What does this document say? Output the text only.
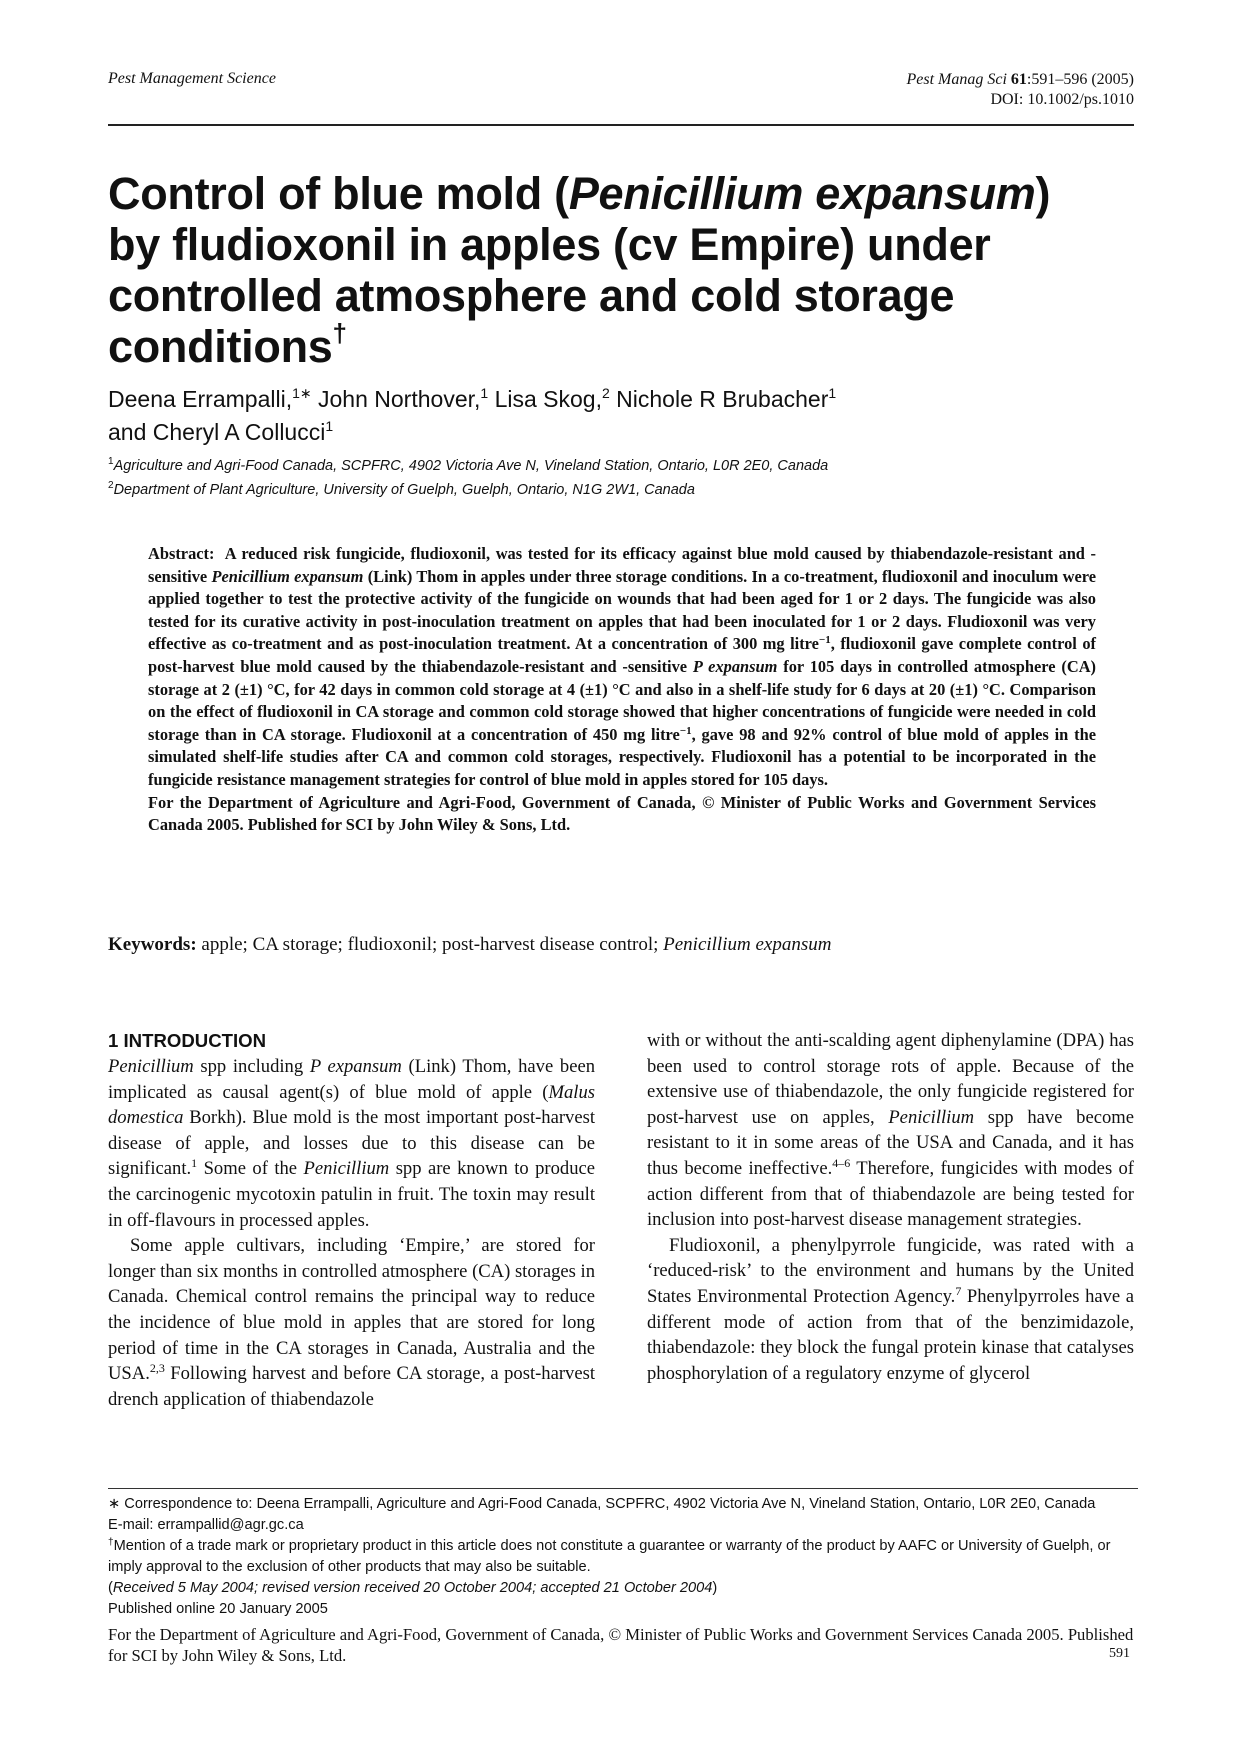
Pest Management Science	Pest Manag Sci 61:591–596 (2005)
DOI: 10.1002/ps.1010
Control of blue mold (Penicillium expansum) by fludioxonil in apples (cv Empire) under controlled atmosphere and cold storage conditions†
Deena Errampalli,$^{1∗}$ John Northover,$^1$ Lisa Skog,$^2$ Nichole R Brubacher$^1$
and Cheryl A Collucci$^1$
$^1$Agriculture and Agri-Food Canada, SCPFRC, 4902 Victoria Ave N, Vineland Station, Ontario, L0R 2E0, Canada
$^2$Department of Plant Agriculture, University of Guelph, Guelph, Ontario, N1G 2W1, Canada

Abstract: A reduced risk fungicide, fludioxonil, was tested for its efficacy against blue mold caused by thiabendazole-resistant and -sensitive Penicillium expansum (Link) Thom in apples under three storage conditions. In a co-treatment, fludioxonil and inoculum were applied together to test the protective activity of the fungicide on wounds that had been aged for 1 or 2 days. The fungicide was also tested for its curative activity in post-inoculation treatment on apples that had been inoculated for 1 or 2 days. Fludioxonil was very effective as co-treatment and as post-inoculation treatment. At a concentration of 300 mg litre$^{-1}$, fludioxonil gave complete control of post-harvest blue mold caused by the thiabendazole-resistant and -sensitive P expansum for 105 days in controlled atmosphere (CA) storage at 2 (±1) °C, for 42 days in common cold storage at 4 (±1) °C and also in a shelf-life study for 6 days at 20 (±1) °C. Comparison on the effect of fludioxonil in CA storage and common cold storage showed that higher concentrations of fungicide were needed in cold storage than in CA storage. Fludioxonil at a concentration of 450 mg litre$^{-1}$, gave 98 and 92% control of blue mold of apples in the simulated shelf-life studies after CA and common cold storages, respectively. Fludioxonil has a potential to be incorporated in the fungicide resistance management strategies for control of blue mold in apples stored for 105 days.

For the Department of Agriculture and Agri-Food, Government of Canada, © Minister of Public Works and Government Services Canada 2005. Published for SCI by John Wiley & Sons, Ltd.

Keywords: apple; CA storage; fludioxonil; post-harvest disease control; Penicillium expansum
1 INTRODUCTION

Penicillium spp including P expansum (Link) Thom, have been implicated as causal agent(s) of blue mold of apple (Malus domestica Borkh). Blue mold is the most important post-harvest disease of apple, and losses due to this disease can be significant.$^1$ Some of the Penicillium spp are known to produce the carcinogenic mycotoxin patulin in fruit. The toxin may result in off-flavours in processed apples.

Some apple cultivars, including ‘Empire,’ are stored for longer than six months in controlled atmosphere (CA) storages in Canada. Chemical control remains the principal way to reduce the incidence of blue mold in apples that are stored for long period of time in the CA storages in Canada, Australia and the USA.$^{2,3}$ Following harvest and before CA storage, a post-harvest drench application of thiabendazole

with or without the anti-scalding agent diphenylamine (DPA) has been used to control storage rots of apple. Because of the extensive use of thiabendazole, the only fungicide registered for post-harvest use on apples, Penicillium spp have become resistant to it in some areas of the USA and Canada, and it has thus become ineffective.$^{4-6}$ Therefore, fungicides with modes of action different from that of thiabendazole are being tested for inclusion into post-harvest disease management strategies.

Fludioxonil, a phenylpyrrole fungicide, was rated with a ‘reduced-risk’ to the environment and humans by the United States Environmental Protection Agency.$^7$ Phenylpyrroles have a different mode of action from that of the benzimidazole, thiabendazole: they block the fungal protein kinase that catalyses phosphorylation of a regulatory enzyme of glycerol

∗ Correspondence to: Deena Errampalli, Agriculture and Agri-Food Canada, SCPFRC, 4902 Victoria Ave N, Vineland Station, Ontario, L0R 2E0, Canada

E-mail: errampallid@agr.gc.ca

†Mention of a trade mark or proprietary product in this article does not constitute a guarantee or warranty of the product by AAFC or University of Guelph, or imply approval to the exclusion of other products that may also be suitable.

(Received 5 May 2004; revised version received 20 October 2004; accepted 21 October 2004)

Published online 20 January 2005

For the Department of Agriculture and Agri-Food, Government of Canada, © Minister of Public Works and Government Services Canada 2005. Published for SCI by John Wiley & Sons, Ltd.	591
